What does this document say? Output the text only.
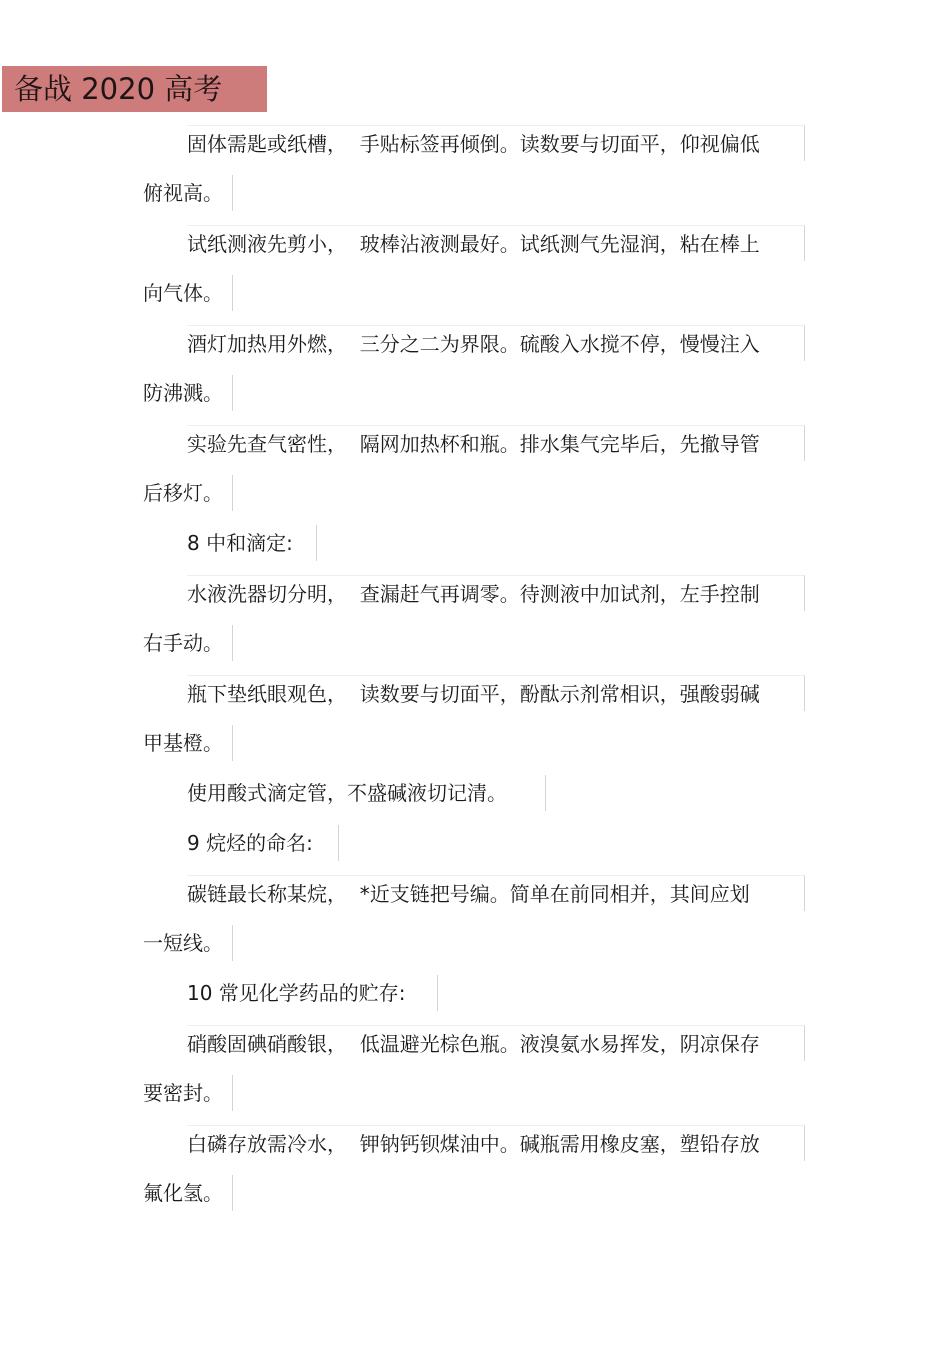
备战 2020 高考
固体需匙或纸槽，  手贴标签再倾倒。读数要与切面平，仰视偏低
俯视高。
试纸测液先剪小，  玻棒沾液测最好。试纸测气先湿润，粘在棒上
向气体。
酒灯加热用外燃，  三分之二为界限。硫酸入水搅不停，慢慢注入
防沸溅。
实验先查气密性，  隔网加热杯和瓶。排水集气完毕后，先撤导管
后移灯。
8 中和滴定:
水液洗器切分明，  查漏赶气再调零。待测液中加试剂，左手控制
右手动。
瓶下垫纸眼观色，  读数要与切面平，酚酞示剂常相识，强酸弱碱
甲基橙。
使用酸式滴定管，不盛碱液切记清。
9 烷烃的命名:
碳链最长称某烷，  *近支链把号编。简单在前同相并，其间应划
一短线。
10 常见化学药品的贮存:
硝酸固碘硝酸银，  低温避光棕色瓶。液溴氨水易挥发，阴凉保存
要密封。
白磷存放需冷水，  钾钠钙钡煤油中。碱瓶需用橡皮塞，塑铅存放
氟化氢。
